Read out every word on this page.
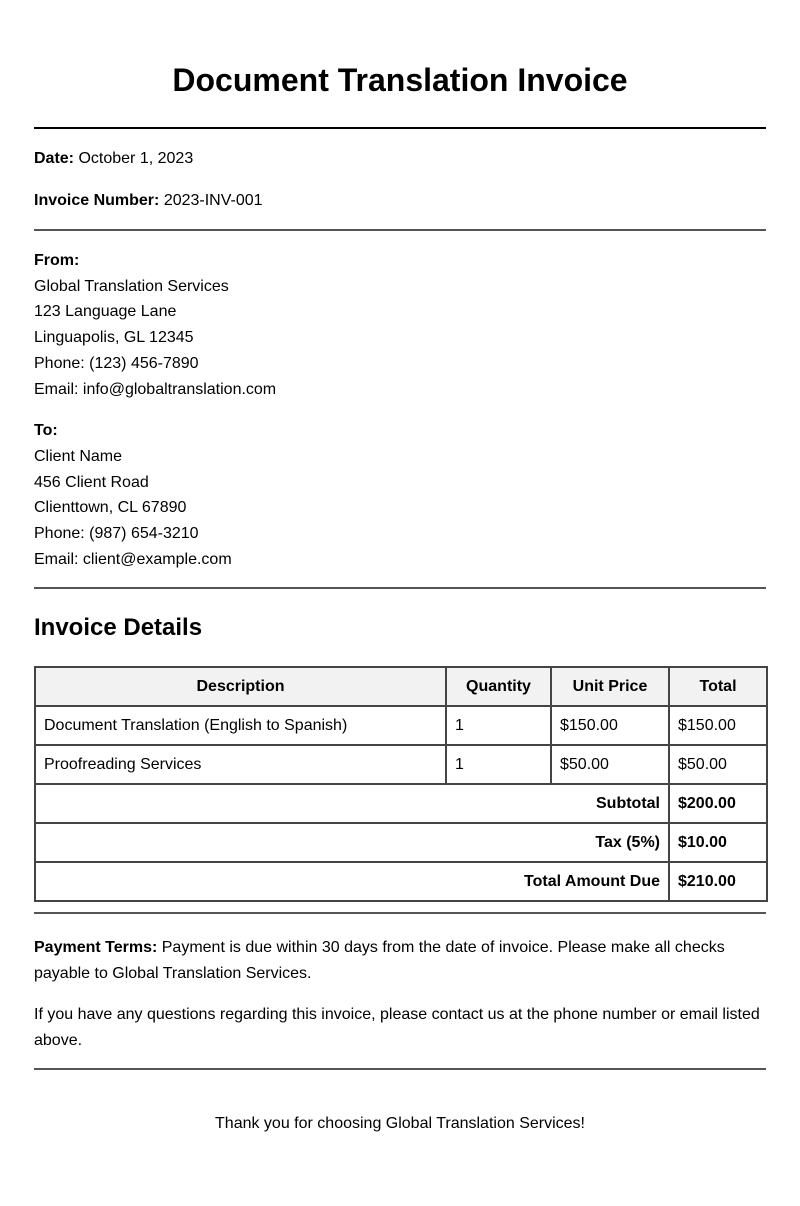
Document Translation Invoice

Date: October 1, 2023

Invoice Number: 2023-INV-001

From:

Global Translation Services

123 Language Lane

Linguapolis, GL 12345

Phone: (123) 456-7890

Email: info@globaltranslation.com

To:

Client Name

456 Client Road

Clienttown, CL 67890

Phone: (987) 654-3210

Email: client@example.com

Invoice Details
Description	Quantity	Unit Price	Total
Document Translation (English to Spanish)	1	$150.00	$150.00
Proofreading Services	1	$50.00	$50.00
Subtotal			$200.00
Tax (5%)			$10.00
Total Amount Due			$210.00

Payment Terms: Payment is due within 30 days from the date of invoice. Please make all checks payable to Global Translation Services.

If you have any questions regarding this invoice, please contact us at the phone number or email listed above.

Thank you for choosing Global Translation Services!
